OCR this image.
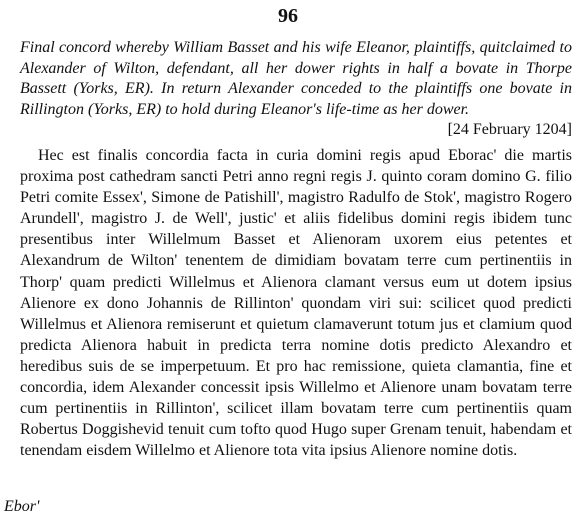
96
Final concord whereby William Basset and his wife Eleanor, plaintiffs, quitclaimed to Alexander of Wilton, defendant, all her dower rights in half a bovate in Thorpe Bassett (Yorks, ER). In return Alexander conceded to the plaintiffs one bovate in Rillington (Yorks, ER) to hold during Eleanor's life-time as her dower.
[24 February 1204]
Hec est finalis concordia facta in curia domini regis apud Eborac' die martis proxima post cathedram sancti Petri anno regni regis J. quinto coram domino G. filio Petri comite Essex', Simone de Patishill', magistro Radulfo de Stok', magistro Rogero Arundell', magistro J. de Well', justic' et aliis fidelibus domini regis ibidem tunc presentibus inter Willelmum Basset et Alienoram uxorem eius petentes et Alexandrum de Wilton' tenentem de dimidiam bovatam terre cum pertinentiis in Thorp' quam predicti Willelmus et Alienora clamant versus eum ut dotem ipsius Alienore ex dono Johannis de Rillinton' quondam viri sui: scilicet quod predicti Willelmus et Alienora remiserunt et quietum clamaverunt totum jus et clamium quod predicta Alienora habuit in predicta terra nomine dotis predicto Alexandro et heredibus suis de se imperpetuum. Et pro hac remissione, quieta clamantia, fine et concordia, idem Alexander concessit ipsis Willelmo et Alienore unam bovatam terre cum pertinentiis in Rillinton', scilicet illam bovatam terre cum pertinentiis quam Robertus Doggishevid tenuit cum tofto quod Hugo super Grenam tenuit, habendam et tenendam eisdem Willelmo et Alienore tota vita ipsius Alienore nomine dotis.
Ebor'
